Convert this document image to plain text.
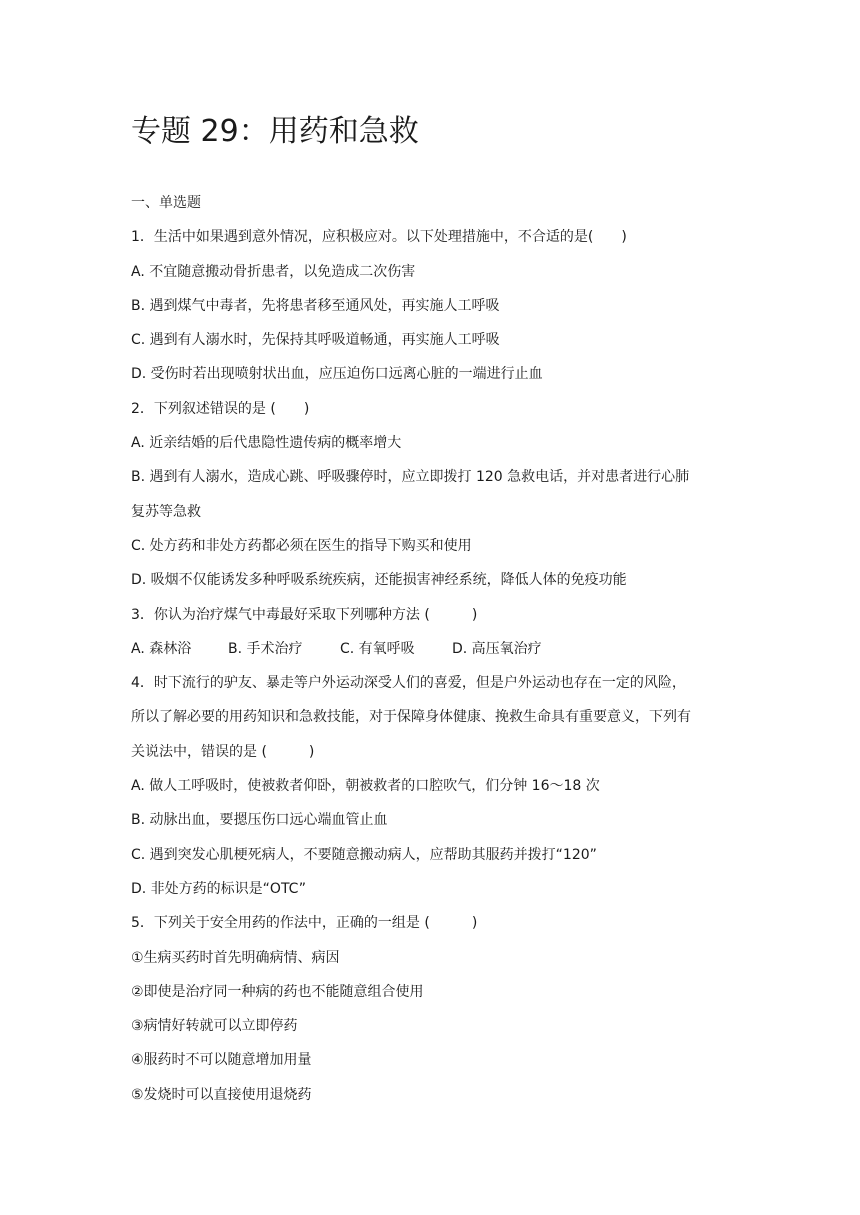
专题 29：用药和急救
一、单选题
1．生活中如果遇到意外情况，应积极应对。以下处理措施中，不合适的是(　　)
A. 不宜随意搬动骨折患者，以免造成二次伤害
B. 遇到煤气中毒者，先将患者移至通风处，再实施人工呼吸
C. 遇到有人溺水时，先保持其呼吸道畅通，再实施人工呼吸
D. 受伤时若出现喷射状出血，应压迫伤口远离心脏的一端进行止血
2．下列叙述错误的是 (　　)
A. 近亲结婚的后代患隐性遗传病的概率增大
B. 遇到有人溺水，造成心跳、呼吸骤停时，应立即拨打 120 急救电话，并对患者进行心肺
复苏等急救
C. 处方药和非处方药都必须在医生的指导下购买和使用
D. 吸烟不仅能诱发多种呼吸系统疾病，还能损害神经系统，降低人体的免疫功能
3．你认为治疗煤气中毒最好采取下列哪种方法 (　　　)
A. 森林浴	B. 手术治疗	C. 有氧呼吸	D. 高压氧治疗
4．时下流行的驴友、暴走等户外运动深受人们的喜爱，但是户外运动也存在一定的风险，
所以了解必要的用药知识和急救技能，对于保障身体健康、挽救生命具有重要意义，下列有
关说法中，错误的是 (　　　)
A. 做人工呼吸时，使被救者仰卧，朝被救者的口腔吹气，们分钟 16～18 次
B. 动脉出血，要摁压伤口远心端血管止血
C. 遇到突发心肌梗死病人，不要随意搬动病人，应帮助其服药并拨打“120”
D. 非处方药的标识是“OTC”
5．下列关于安全用药的作法中，正确的一组是 (　　　)
①生病买药时首先明确病情、病因
②即使是治疗同一种病的药也不能随意组合使用
③病情好转就可以立即停药
④服药时不可以随意增加用量
⑤发烧时可以直接使用退烧药
